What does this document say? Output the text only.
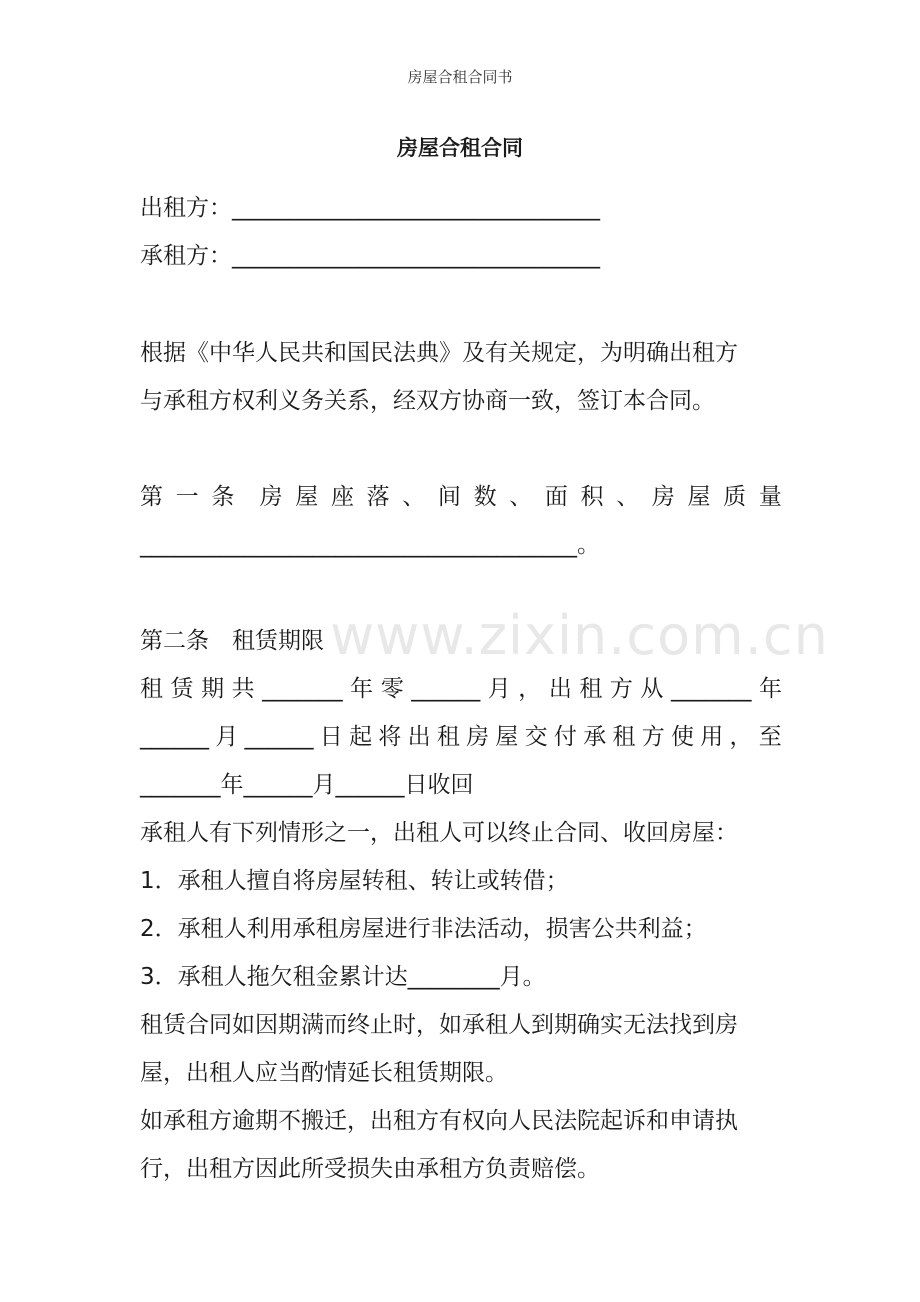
房屋合租合同书
房屋合租合同
www.zixin.com.cn
出租方：________________________________
承租方：________________________________
根据《中华人民共和国民法典》及有关规定，为明确出租方
与承租方权利义务关系，经双方协商一致，签订本合同。
第 一 条 房 屋 座 落 、 间 数 、 面 积 、 房 屋 质 量
______________________________________。
第二条　租赁期限
租 赁 期 共 _______ 年 零 ______ 月 ， 出 租 方 从 _______ 年
______ 月 ______ 日 起 将 出 租 房 屋 交 付 承 租 方 使 用 ， 至
_______年______月______日收回
承租人有下列情形之一，出租人可以终止合同、收回房屋：
1．承租人擅自将房屋转租、转让或转借；
2．承租人利用承租房屋进行非法活动，损害公共利益；
3．承租人拖欠租金累计达________月。
租赁合同如因期满而终止时，如承租人到期确实无法找到房
屋，出租人应当酌情延长租赁期限。
如承租方逾期不搬迁，出租方有权向人民法院起诉和申请执
行，出租方因此所受损失由承租方负责赔偿。
